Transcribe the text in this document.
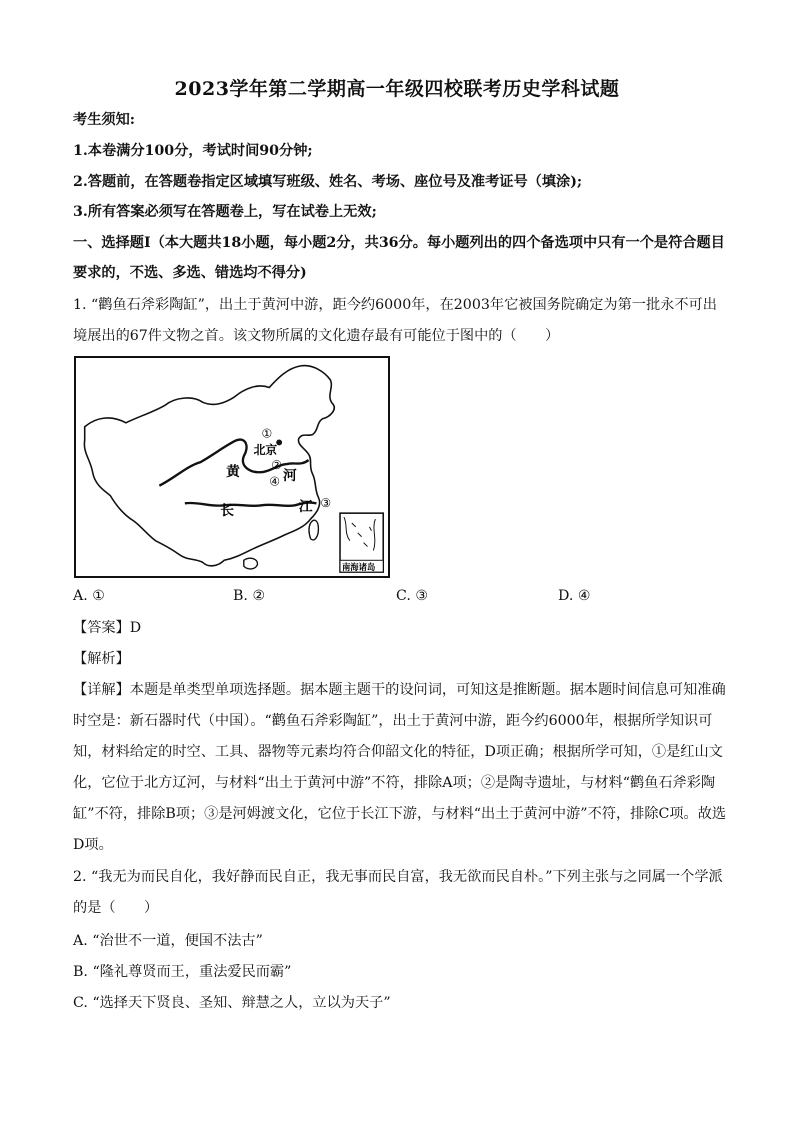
2023学年第二学期高一年级四校联考历史学科试题
考生须知:
1.本卷满分100分，考试时间90分钟;
2.答题前，在答题卷指定区域填写班级、姓名、考场、座位号及准考证号（填涂);
3.所有答案必须写在答题卷上，写在试卷上无效;
一、选择题Ⅰ（本大题共18小题，每小题2分，共36分。每小题列出的四个备选项中只有一个是符合题目要求的，不选、多选、错选均不得分)
1. “鹳鱼石斧彩陶缸”，出土于黄河中游，距今约6000年，在2003年它被国务院确定为第一批永不可出境展出的67件文物之首。该文物所属的文化遗存最有可能位于图中的（　　）
①
②
④
③
北京
黄	河
长	江
南海诸岛
A. ①	B. ②	C. ③	D. ④
【答案】D
【解析】
【详解】本题是单类型单项选择题。据本题主题干的设问词，可知这是推断题。据本题时间信息可知准确时空是：新石器时代（中国）。“鹳鱼石斧彩陶缸”，出土于黄河中游，距今约6000年，根据所学知识可知，材料给定的时空、工具、器物等元素均符合仰韶文化的特征，D项正确；根据所学可知，①是红山文化，它位于北方辽河，与材料“出土于黄河中游”不符，排除A项；②是陶寺遗址，与材料“鹳鱼石斧彩陶缸”不符，排除B项；③是河姆渡文化，它位于长江下游，与材料“出土于黄河中游”不符，排除C项。故选D项。
2. “我无为而民自化，我好静而民自正，我无事而民自富，我无欲而民自朴。”下列主张与之同属一个学派的是（　　）
A. “治世不一道，便国不法古”
B. “隆礼尊贤而王，重法爱民而霸”
C. “选择天下贤良、圣知、辩慧之人，立以为天子”
